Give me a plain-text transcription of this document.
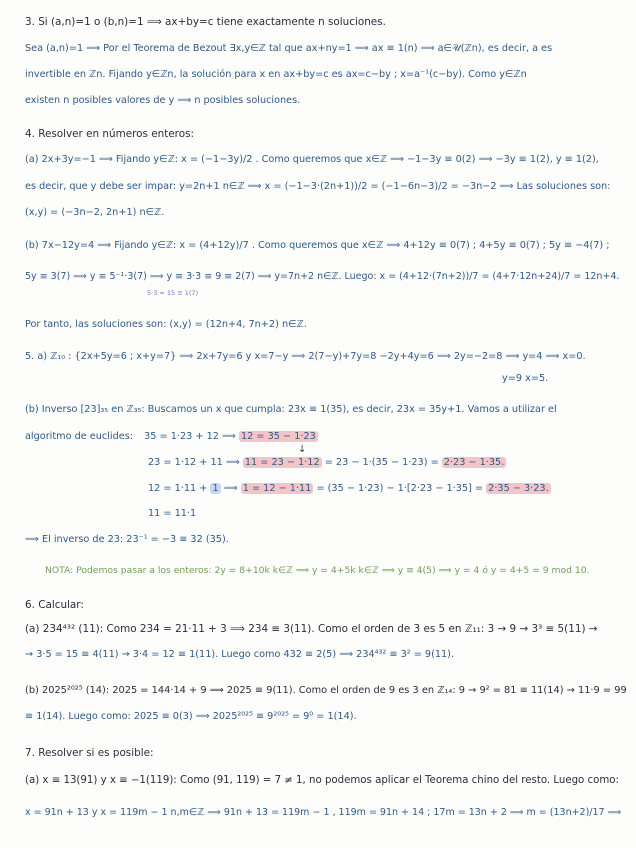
3. Si (a,n)=1 o (b,n)=1 ⟹ ax+by=c tiene exactamente n soluciones.
Sea (a,n)=1 ⟹ Por el Teorema de Bezout ∃x,y∈ℤ tal que ax+ny=1 ⟹ ax ≡ 1(n) ⟹ a∈𝒰(ℤn), es decir, a es
invertible en ℤn. Fijando y∈ℤn, la solución para x en ax+by=c es ax=c−by ; x=a⁻¹(c−by). Como y∈ℤn
existen n posibles valores de y ⟹ n posibles soluciones.
4. Resolver en números enteros:
(a) 2x+3y=−1 ⟹ Fijando y∈ℤ: x = (−1−3y)/2 . Como queremos que x∈ℤ ⟹ −1−3y ≡ 0(2) ⟹ −3y ≡ 1(2), y ≡ 1(2),
es decir, que y debe ser impar: y=2n+1 n∈ℤ ⟹ x = (−1−3·(2n+1))/2 = (−1−6n−3)/2 = −3n−2 ⟹ Las soluciones son:
(x,y) = (−3n−2, 2n+1) n∈ℤ.
(b) 7x−12y=4 ⟹ Fijando y∈ℤ: x = (4+12y)/7 . Como queremos que x∈ℤ ⟹ 4+12y ≡ 0(7) ; 4+5y ≡ 0(7) ; 5y ≡ −4(7) ;
5y ≡ 3(7) ⟹ y ≡ 5⁻¹·3(7) ⟹ y ≡ 3·3 ≡ 9 ≡ 2(7) ⟹ y=7n+2 n∈ℤ. Luego: x = (4+12·(7n+2))/7 = (4+7·12n+24)/7 = 12n+4.
5·3 = 15 ≡ 1(7)
Por tanto, las soluciones son: (x,y) = (12n+4, 7n+2) n∈ℤ.
5. a) ℤ₁₀ : {2x+5y=6 ; x+y=7} ⟹ 2x+7y=6 y x=7−y ⟹ 2(7−y)+7y=8 −2y+4y=6 ⟹ 2y=−2=8 ⟹ y=4 ⟹ x=0.
y=9 x=5.
(b) Inverso [23]₃₅ en ℤ₃₅: Buscamos un x que cumpla: 23x ≡ 1(35), es decir, 23x = 35y+1. Vamos a utilizar el
algoritmo de euclides: 35 = 1·23 + 12 ⟹ 12 = 35 − 1·23
↓
23 = 1·12 + 11 ⟹ 11 = 23 − 1·12 = 23 − 1·(35 − 1·23) = 2·23 − 1·35.
12 = 1·11 + 1 ⟹ 1 = 12 − 1·11 = (35 − 1·23) − 1·[2·23 − 1·35] = 2·35 − 3·23.
11 = 11·1
⟹ El inverso de 23: 23⁻¹ = −3 ≡ 32 (35).
NOTA: Podemos pasar a los enteros: 2y = 8+10k k∈ℤ ⟹ y = 4+5k k∈ℤ ⟹ y ≡ 4(5) ⟹ y = 4 ó y = 4+5 = 9 mod 10.
6. Calcular:
(a) 234⁴³² (11): Como 234 = 21·11 + 3 ⟹ 234 ≡ 3(11). Como el orden de 3 es 5 en ℤ₁₁: 3 → 9 → 3³ ≡ 5(11) →
→ 3·5 = 15 ≡ 4(11) → 3·4 = 12 ≡ 1(11). Luego como 432 ≡ 2(5) ⟹ 234⁴³² ≡ 3² = 9(11).
(b) 2025²⁰²⁵ (14): 2025 = 144·14 + 9 ⟹ 2025 ≡ 9(11). Como el orden de 9 es 3 en ℤ₁₄: 9 → 9² = 81 ≡ 11(14) → 11·9 = 99
≡ 1(14). Luego como: 2025 ≡ 0(3) ⟹ 2025²⁰²⁵ ≡ 9²⁰²⁵ = 9⁰ = 1(14).
7. Resolver si es posible:
(a) x ≡ 13(91) y x ≡ −1(119): Como (91, 119) = 7 ≠ 1, no podemos aplicar el Teorema chino del resto. Luego como:
x = 91n + 13 y x = 119m − 1 n,m∈ℤ ⟹ 91n + 13 = 119m − 1 , 119m = 91n + 14 ; 17m = 13n + 2 ⟹ m = (13n+2)/17 ⟹
